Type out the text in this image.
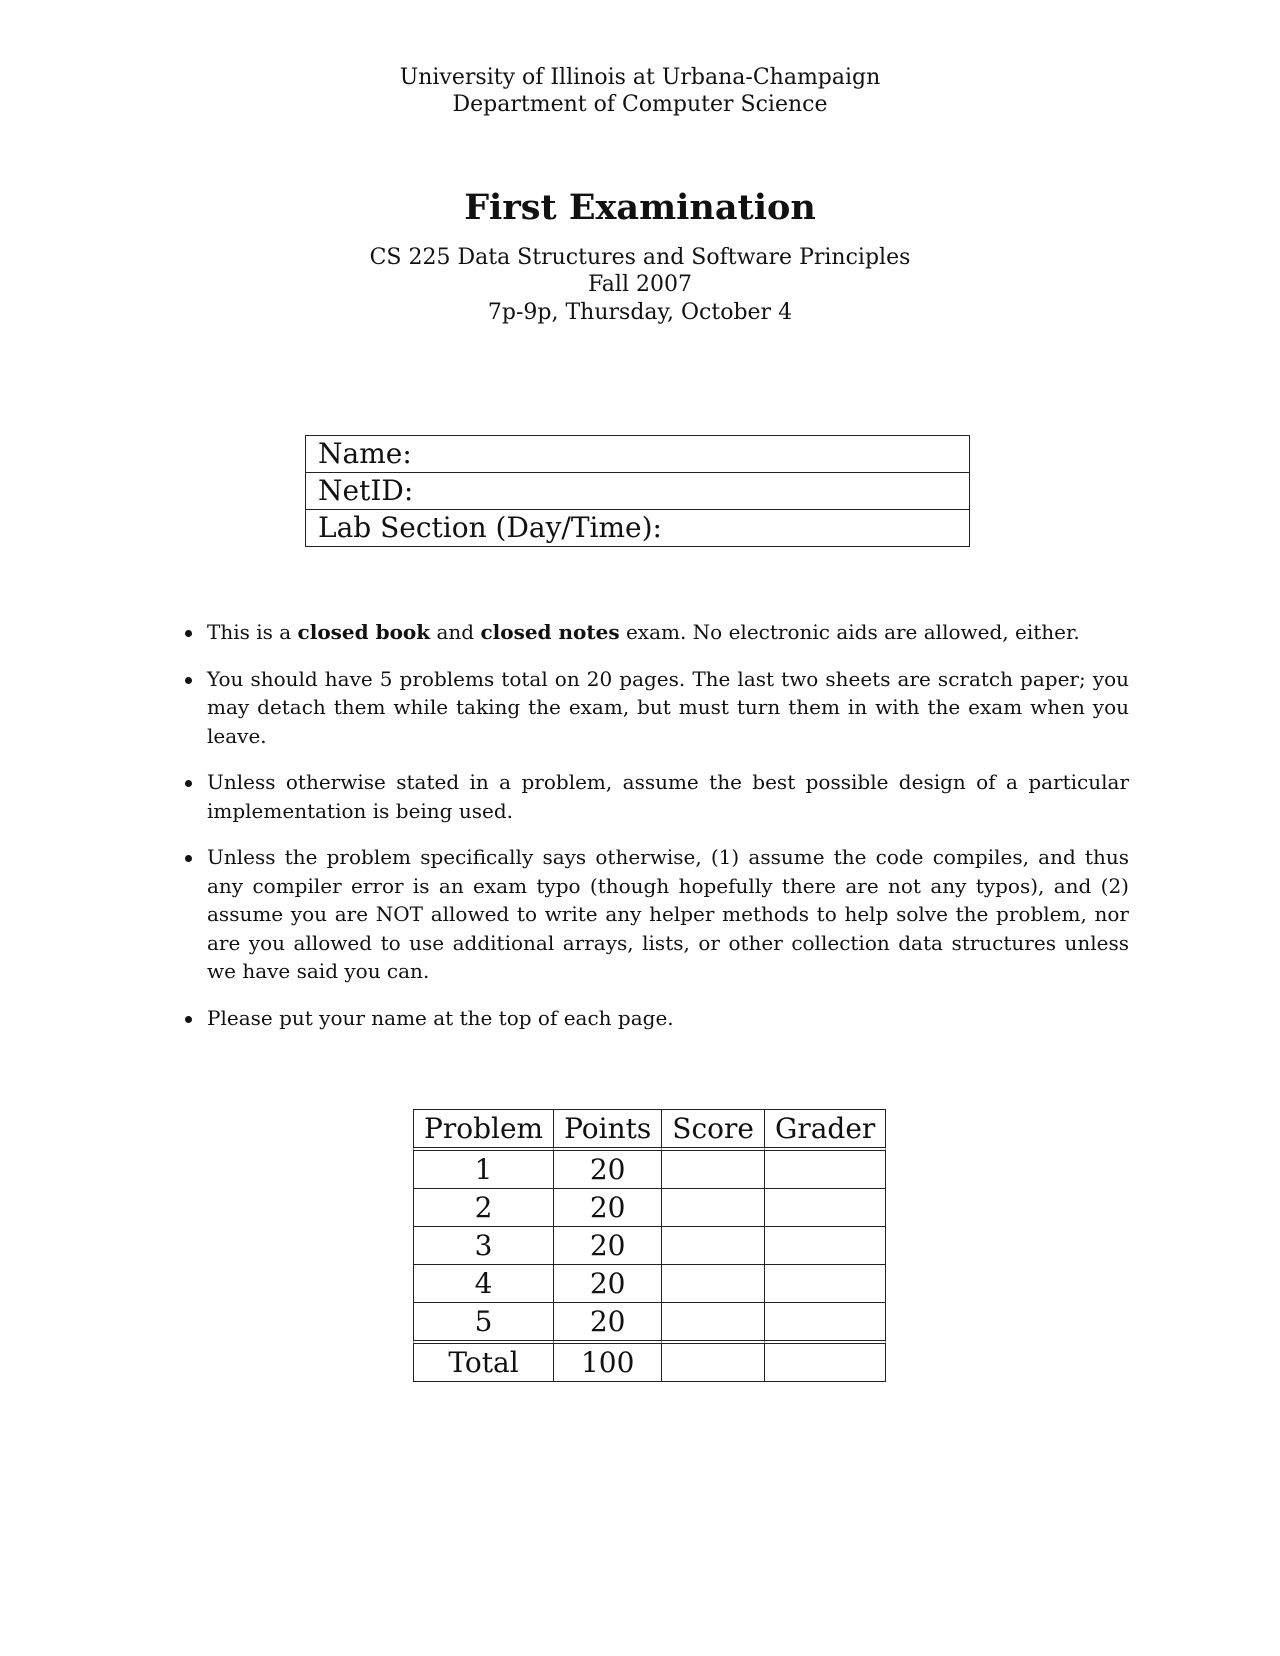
University of Illinois at Urbana-Champaign
Department of Computer Science
First Examination
CS 225 Data Structures and Software Principles
Fall 2007
7p-9p, Thursday, October 4
Name:
NetID:
Lab Section (Day/Time):
This is a closed book and closed notes exam. No electronic aids are allowed, either.
You should have 5 problems total on 20 pages. The last two sheets are scratch paper; you may detach them while taking the exam, but must turn them in with the exam when you leave.
Unless otherwise stated in a problem, assume the best possible design of a particular implementation is being used.
Unless the problem specifically says otherwise, (1) assume the code compiles, and thus any compiler error is an exam typo (though hopefully there are not any typos), and (2) assume you are NOT allowed to write any helper methods to help solve the problem, nor are you allowed to use additional arrays, lists, or other collection data structures unless we have said you can.
Please put your name at the top of each page.
Problem	Points	Score	Grader
1	20		
2	20		
3	20		
4	20		
5	20		
Total	100		
